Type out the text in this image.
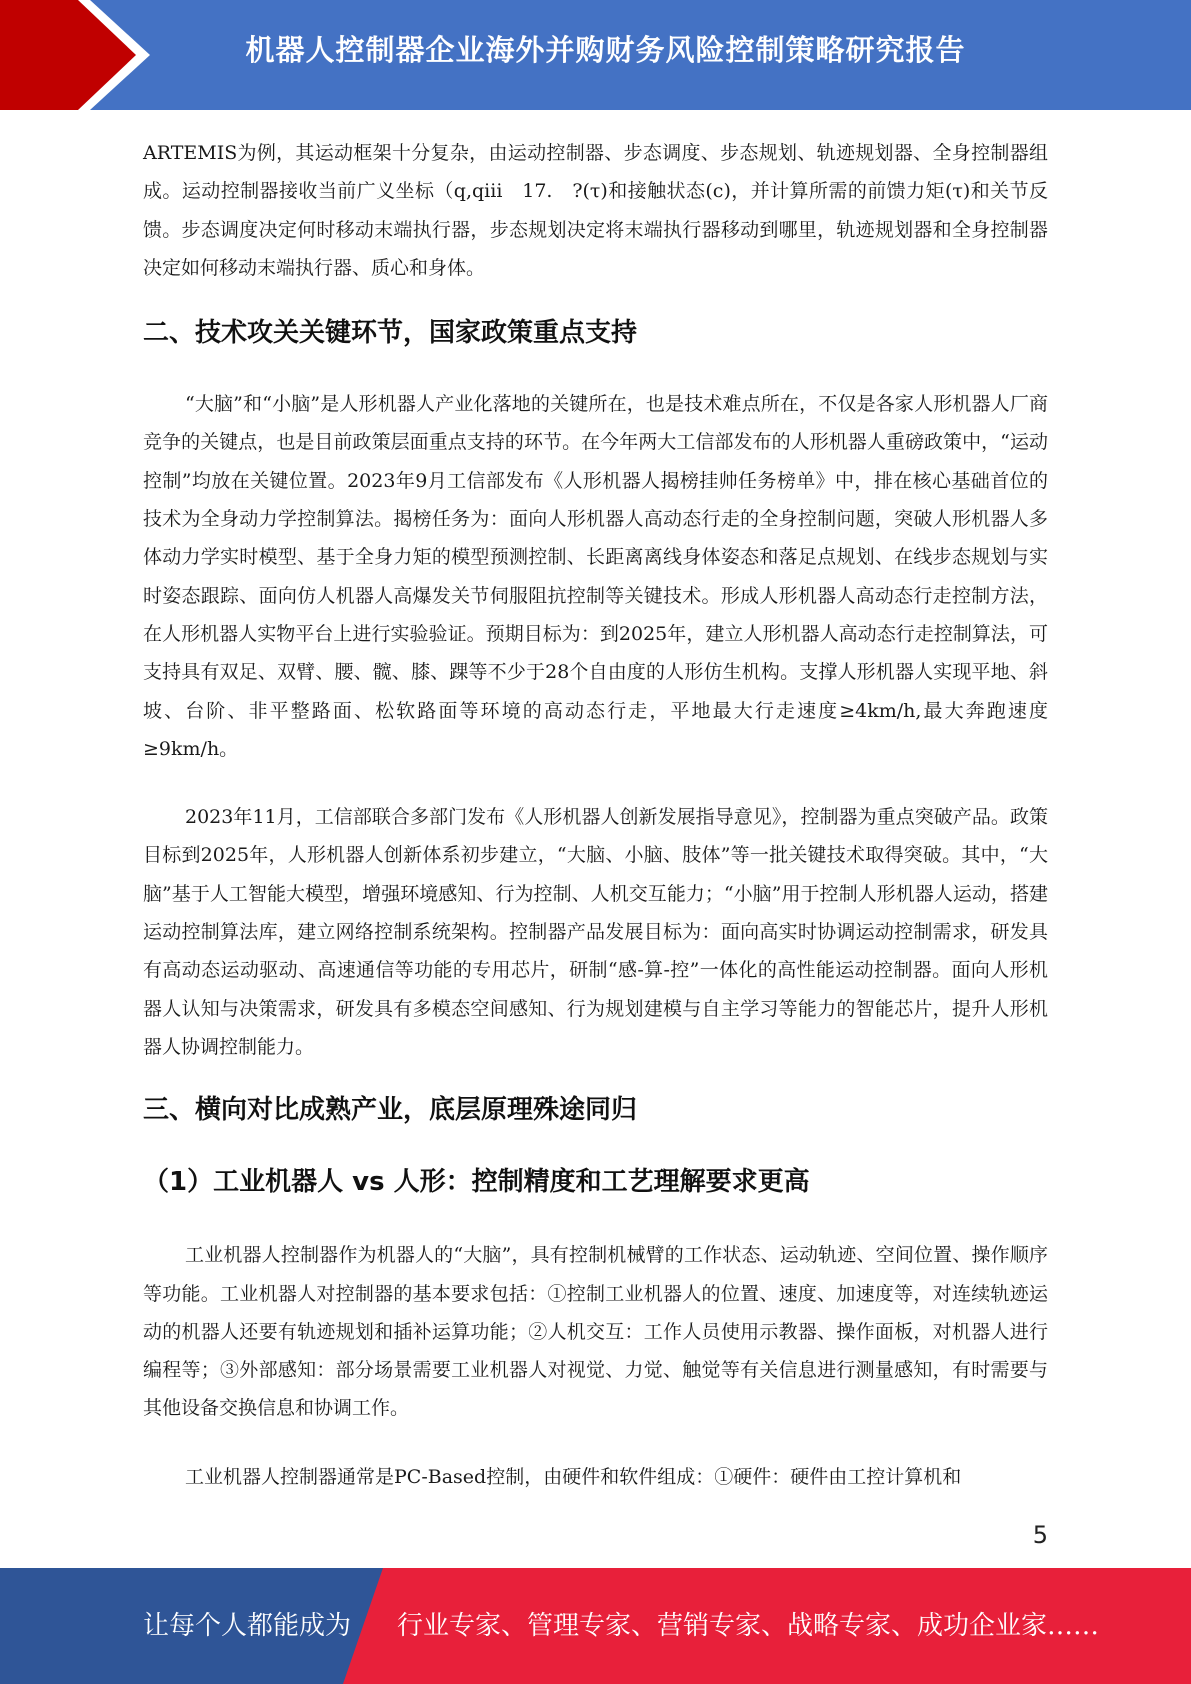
机器人控制器企业海外并购财务风险控制策略研究报告

ARTEMIS为例，其运动框架十分复杂，由运动控制器、步态调度、步态规划、轨迹规划器、全身控制器组成。运动控制器接收当前广义坐标（q,qiii　17.　?(τ)和接触状态(c)，并计算所需的前馈力矩(τ)和关节反馈。步态调度决定何时移动末端执行器，步态规划决定将末端执行器移动到哪里，轨迹规划器和全身控制器决定如何移动末端执行器、质心和身体。

二、技术攻关关键环节，国家政策重点支持

“大脑”和“小脑”是人形机器人产业化落地的关键所在，也是技术难点所在，不仅是各家人形机器人厂商竞争的关键点，也是目前政策层面重点支持的环节。在今年两大工信部发布的人形机器人重磅政策中，“运动控制”均放在关键位置。2023年9月工信部发布《人形机器人揭榜挂帅任务榜单》中，排在核心基础首位的技术为全身动力学控制算法。揭榜任务为：面向人形机器人高动态行走的全身控制问题，突破人形机器人多体动力学实时模型、基于全身力矩的模型预测控制、长距离离线身体姿态和落足点规划、在线步态规划与实时姿态跟踪、面向仿人机器人高爆发关节伺服阻抗控制等关键技术。形成人形机器人高动态行走控制方法，在人形机器人实物平台上进行实验验证。预期目标为：到2025年，建立人形机器人高动态行走控制算法，可支持具有双足、双臂、腰、髋、膝、踝等不少于28个自由度的人形仿生机构。支撑人形机器人实现平地、斜坡、台阶、非平整路面、松软路面等环境的高动态行走，平地最大行走速度≥4km/h,最大奔跑速度≥9km/h。

2023年11月，工信部联合多部门发布《人形机器人创新发展指导意见》，控制器为重点突破产品。政策目标到2025年，人形机器人创新体系初步建立，“大脑、小脑、肢体”等一批关键技术取得突破。其中，“大脑”基于人工智能大模型，增强环境感知、行为控制、人机交互能力；“小脑”用于控制人形机器人运动，搭建运动控制算法库，建立网络控制系统架构。控制器产品发展目标为：面向高实时协调运动控制需求，研发具有高动态运动驱动、高速通信等功能的专用芯片，研制“感-算-控”一体化的高性能运动控制器。面向人形机器人认知与决策需求，研发具有多模态空间感知、行为规划建模与自主学习等能力的智能芯片，提升人形机器人协调控制能力。

三、横向对比成熟产业，底层原理殊途同归
（1）工业机器人 vs 人形：控制精度和工艺理解要求更高

工业机器人控制器作为机器人的“大脑”，具有控制机械臂的工作状态、运动轨迹、空间位置、操作顺序等功能。工业机器人对控制器的基本要求包括：①控制工业机器人的位置、速度、加速度等，对连续轨迹运动的机器人还要有轨迹规划和插补运算功能；②人机交互：工作人员使用示教器、操作面板，对机器人进行编程等；③外部感知：部分场景需要工业机器人对视觉、力觉、触觉等有关信息进行测量感知，有时需要与其他设备交换信息和协调工作。

工业机器人控制器通常是PC-Based控制，由硬件和软件组成：①硬件：硬件由工控计算机和

5
让每个人都能成为 行业专家、管理专家、营销专家、战略专家、成功企业家……
